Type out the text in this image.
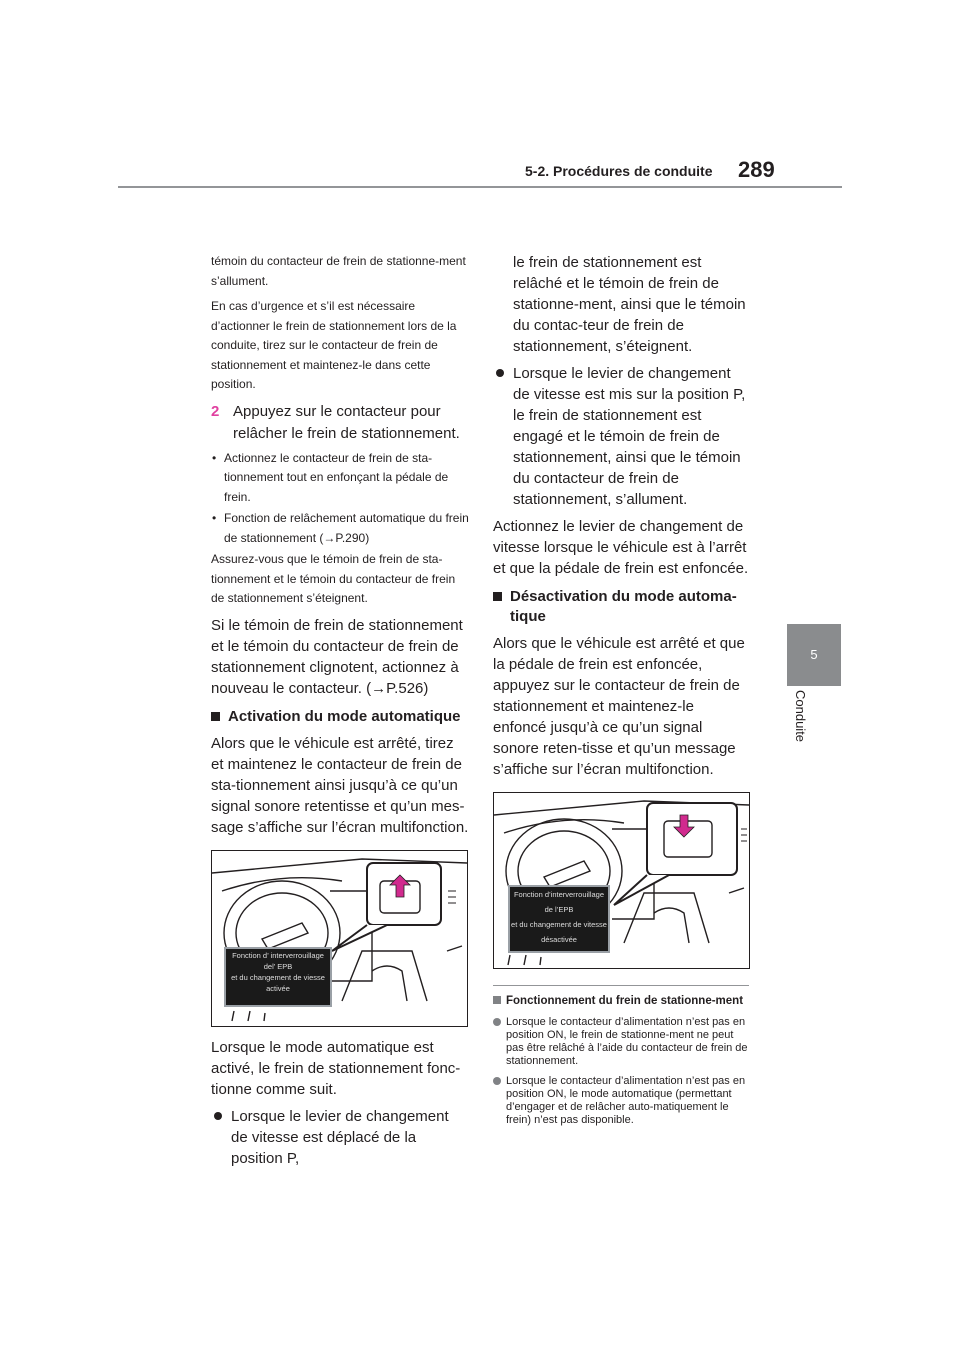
5-2. Procédures de conduite 289
5
Conduite

témoin du contacteur de frein de stationne-ment s’allument.

En cas d’urgence et s’il est nécessaire d’actionner le frein de stationnement lors de la conduite, tirez sur le contacteur de frein de stationnement et maintenez-le dans cette position.

2 Appuyez sur le contacteur pour relâcher le frein de stationnement.
• Actionnez le contacteur de frein de sta-tionnement tout en enfonçant la pédale de frein.
• Fonction de relâchement automatique du frein de stationnement (→P.290)

Assurez-vous que le témoin de frein de sta-tionnement et le témoin du contacteur de frein de stationnement s’éteignent.

Si le témoin de frein de stationnement et le témoin du contacteur de frein de stationnement clignotent, actionnez à nouveau le contacteur. (→P.526)

Activation du mode automatique

Alors que le véhicule est arrêté, tirez et maintenez le contacteur de frein de sta-tionnement ainsi jusqu’à ce qu’un signal sonore retentisse et qu’un mes-sage s’affiche sur l’écran multifonction.

Fonction d’ interverrouillage
del’ EPB
et du changement de viesse
activée

Lorsque le mode automatique est activé, le frein de stationnement fonc-tionne comme suit.

Lorsque le levier de changement de vitesse est déplacé de la position P,

le frein de stationnement est relâché et le témoin de frein de stationne-ment, ainsi que le témoin du contac-teur de frein de stationnement, s’éteignent.

Lorsque le levier de changement de vitesse est mis sur la position P, le frein de stationnement est engagé et le témoin de frein de stationnement, ainsi que le témoin du contacteur de frein de stationnement, s’allument.

Actionnez le levier de changement de vitesse lorsque le véhicule est à l’arrêt et que la pédale de frein est enfoncée.

Désactivation du mode automa-tique

Alors que le véhicule est arrêté et que la pédale de frein est enfoncée, appuyez sur le contacteur de frein de stationnement et maintenez-le enfoncé jusqu’à ce qu’un signal sonore reten-tisse et qu’un message s’affiche sur l’écran multifonction.

Fonction d’interverrouillage
de l’EPB
et du changement de vitesse
désactivée
Fonctionnement du frein de stationne-ment
Lorsque le contacteur d’alimentation n’est pas en position ON, le frein de stationne-ment ne peut pas être relâché à l’aide du contacteur de frein de stationnement.
Lorsque le contacteur d’alimentation n’est pas en position ON, le mode automatique (permettant d’engager et de relâcher auto-matiquement le frein) n’est pas disponible.
